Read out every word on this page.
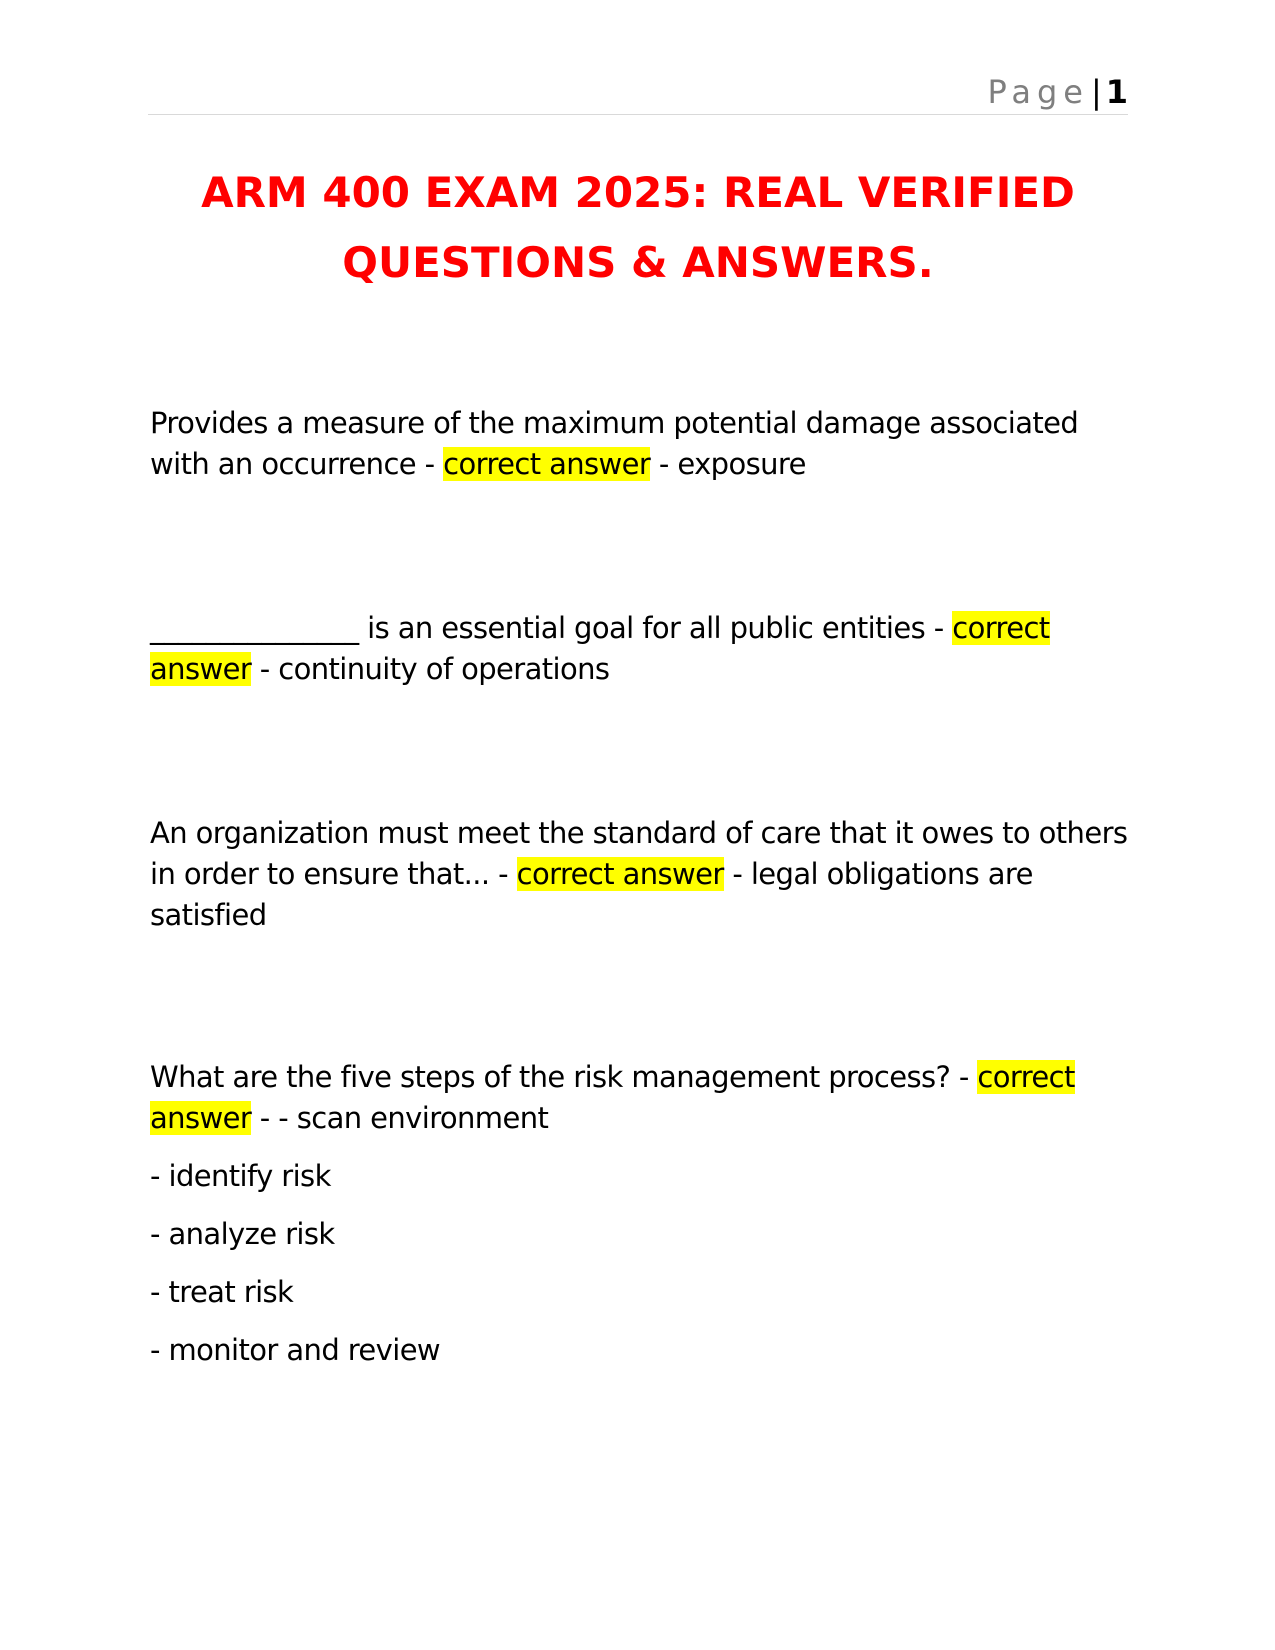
Page| 1
ARM 400 EXAM 2025: REAL VERIFIED
QUESTIONS & ANSWERS.
Provides a measure of the maximum potential damage associated with an occurrence - correct answer - exposure
_______________ is an essential goal for all public entities - correct answer - continuity of operations
An organization must meet the standard of care that it owes to others in order to ensure that... - correct answer - legal obligations are satisfied
What are the five steps of the risk management process? - correct answer - - scan environment
- identify risk
- analyze risk
- treat risk
- monitor and review
